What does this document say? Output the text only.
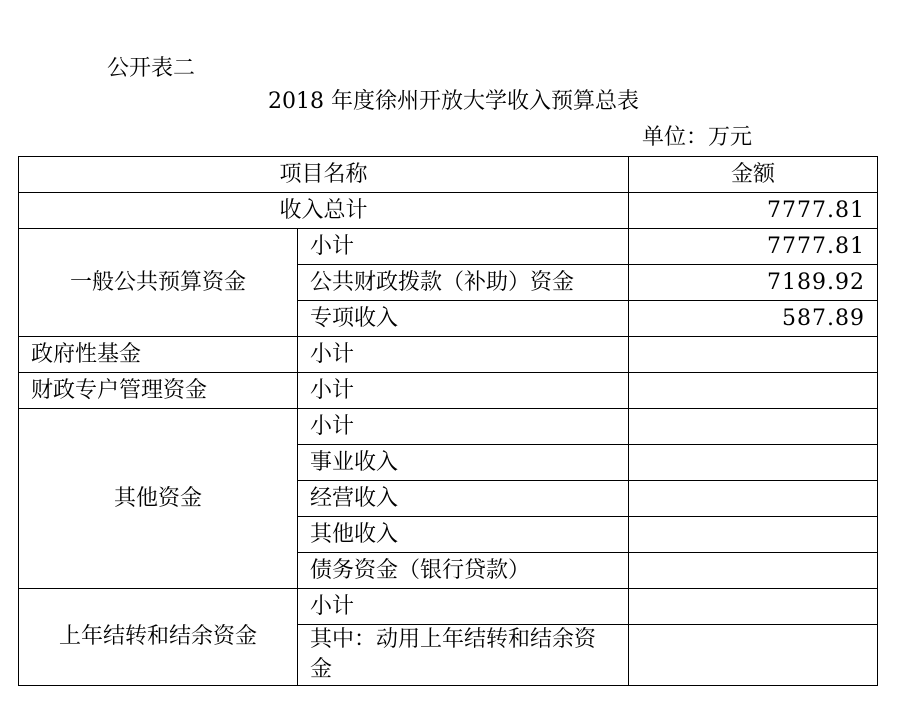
公开表二
2018 年度徐州开放大学收入预算总表
单位：万元
项目名称		金额
收入总计		7777.81
一般公共预算资金	小计	7777.81
	公共财政拨款（补助）资金	7189.92
	专项收入	587.89
政府性基金	小计	
财政专户管理资金	小计	
其他资金	小计	
	事业收入	
	经营收入	
	其他收入	
	债务资金（银行贷款）	
上年结转和结余资金	小计	
	其中：动用上年结转和结余资金	
